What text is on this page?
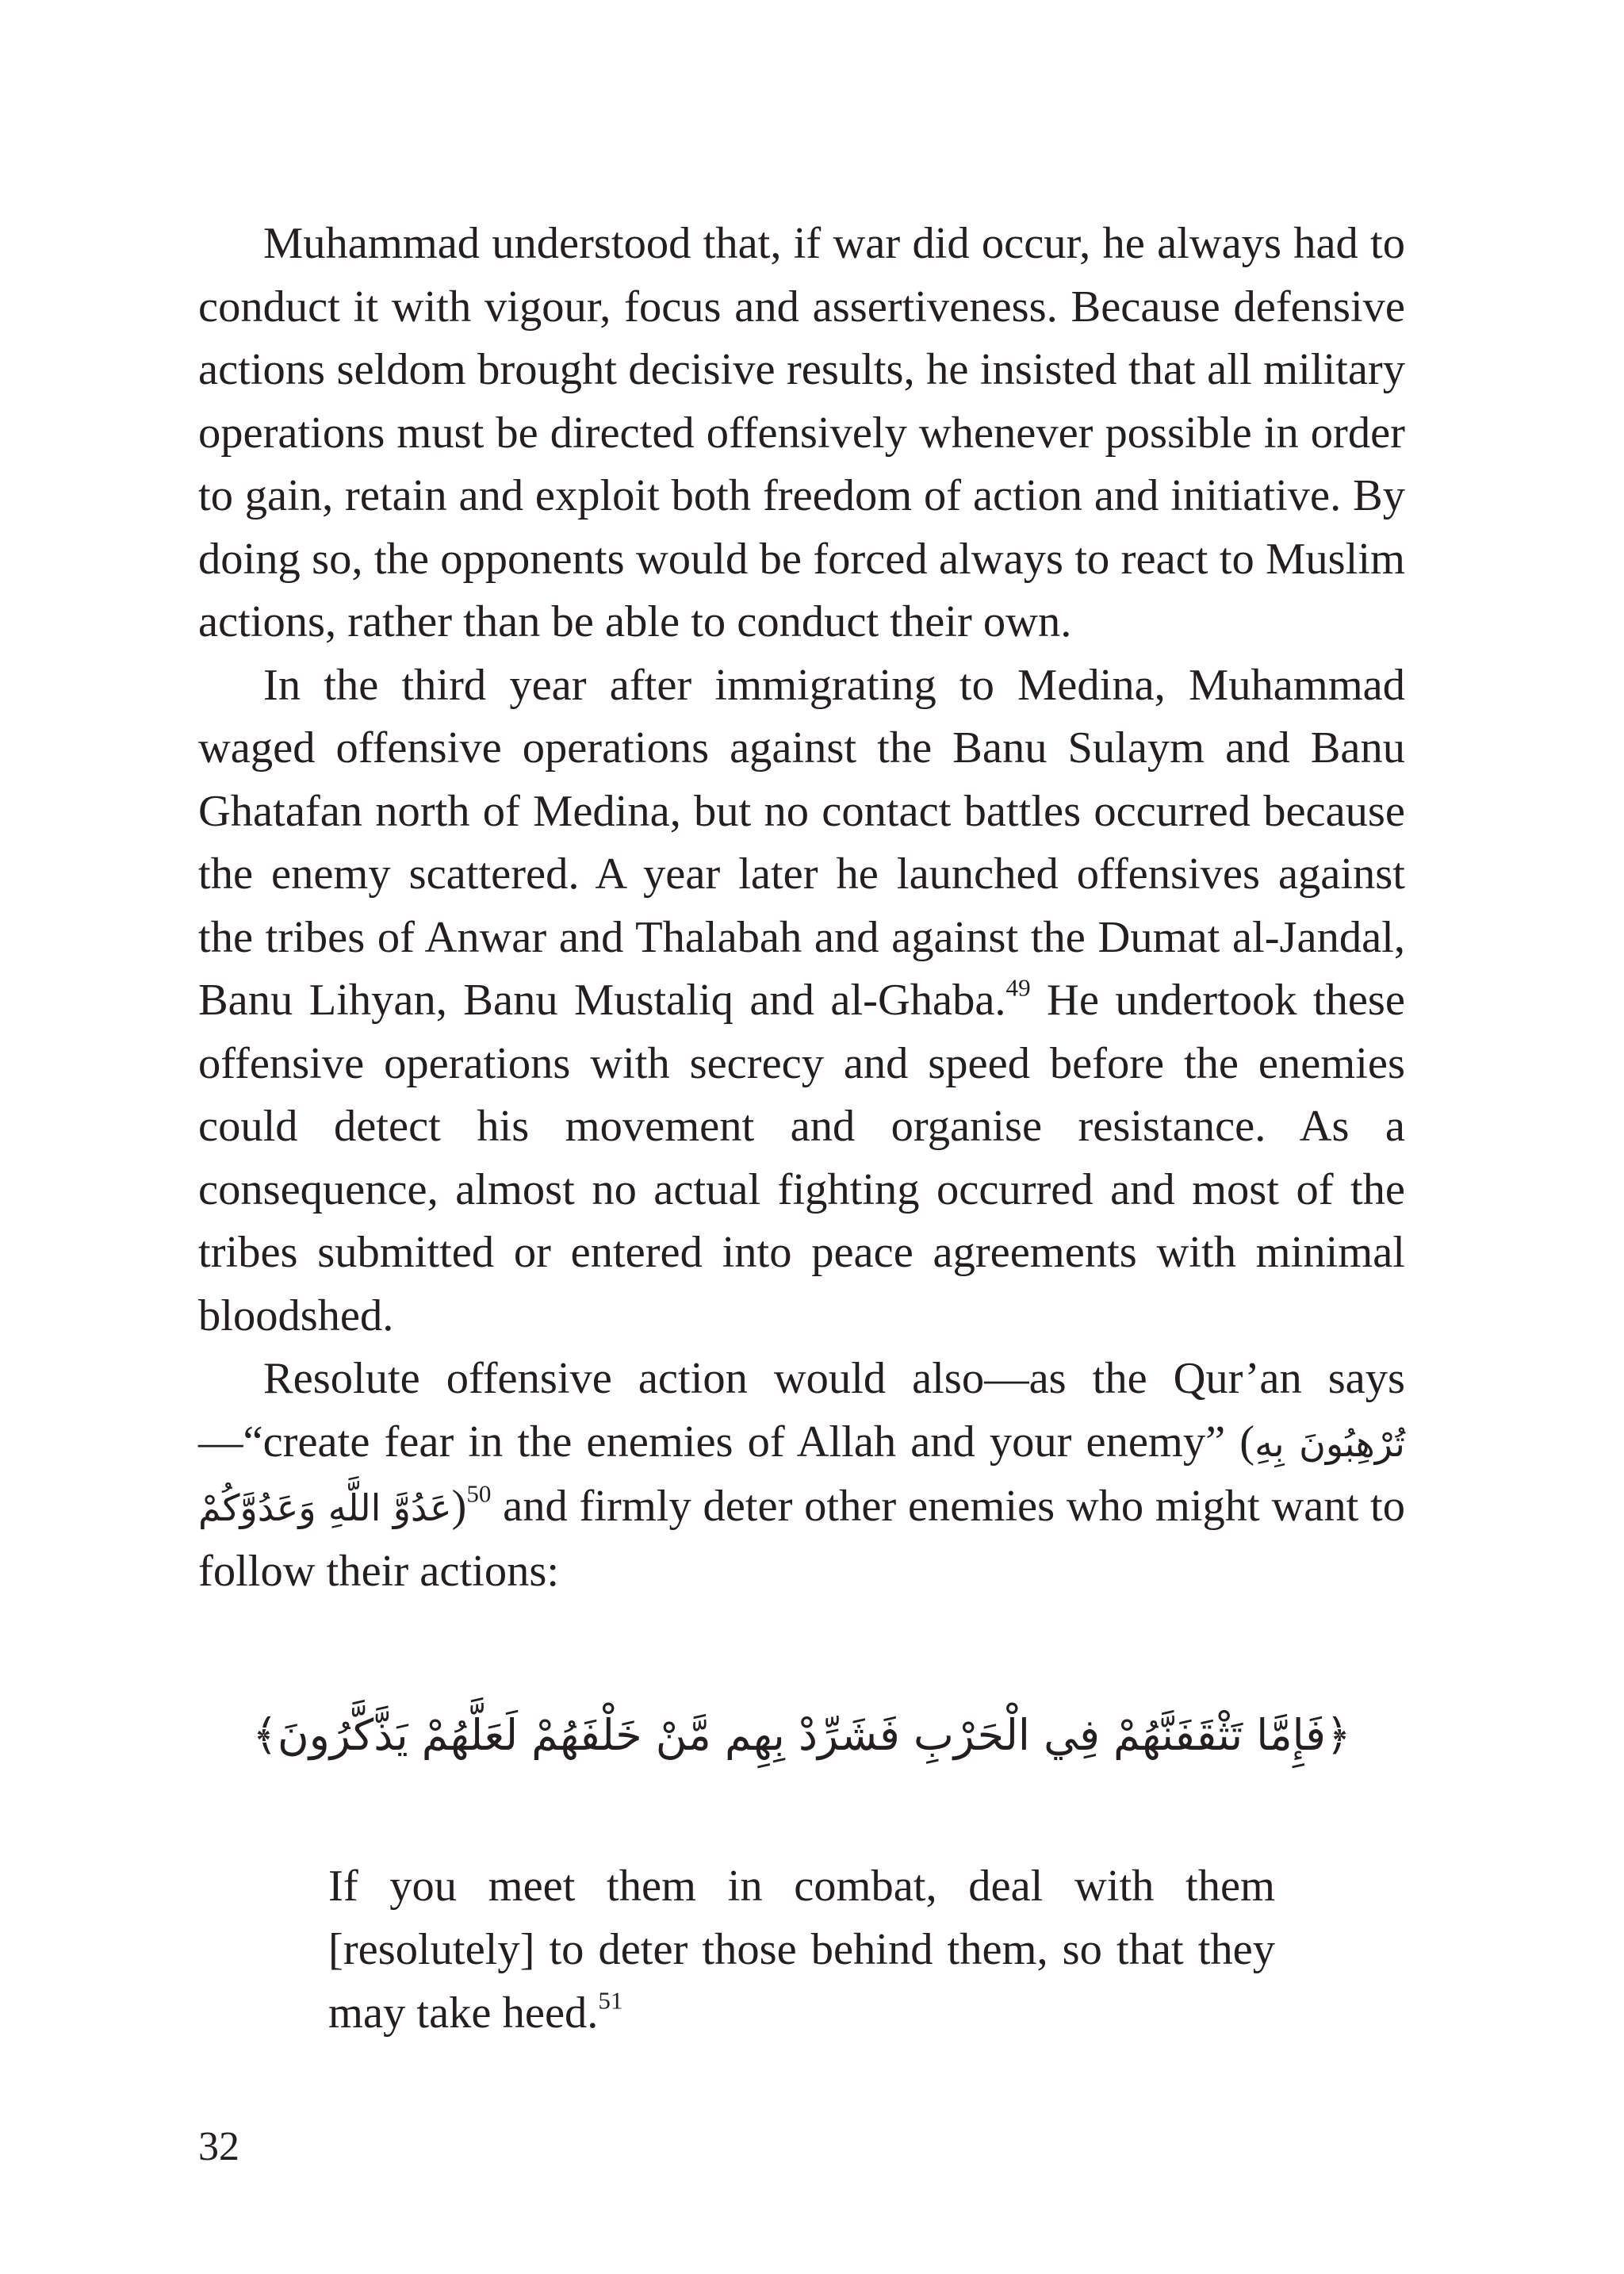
Muhammad understood that, if war did occur, he always had to conduct it with vigour, focus and assertiveness. Because defensive actions seldom brought decisive results, he insisted that all military operations must be directed offensively whenever possible in order to gain, retain and exploit both freedom of action and initiative. By doing so, the opponents would be forced always to react to Muslim actions, rather than be able to conduct their own.

In the third year after immigrating to Medina, Muhammad waged offensive operations against the Banu Sulaym and Banu Ghatafan north of Medina, but no contact battles occurred because the enemy scattered. A year later he launched offensives against the tribes of Anwar and Thalabah and against the Dumat al-Jandal, Banu Lihyan, Banu Mustaliq and al-Ghaba.$^{49}$ He undertook these offensive operations with secrecy and speed before the enemies could detect his movement and organise resistance. As a consequence, almost no actual fighting occurred and most of the tribes submitted or entered into peace agreements with minimal bloodshed.

Resolute offensive action would also—as the Qur’an says—“create fear in the enemies of Allah and your enemy” (تُرْهِبُونَ بِهِ عَدُوَّ اللَّهِ وَعَدُوَّكُمْ)$^{50}$ and firmly deter other enemies who might want to follow their actions:

﴿فَإِمَّا تَثْقَفَنَّهُمْ فِي الْحَرْبِ فَشَرِّدْ بِهِم مَّنْ خَلْفَهُمْ لَعَلَّهُمْ يَذَّكَّرُونَ﴾
If you meet them in combat, deal with them [resolutely] to deter those behind them, so that they may take heed.$^{51}$
32
